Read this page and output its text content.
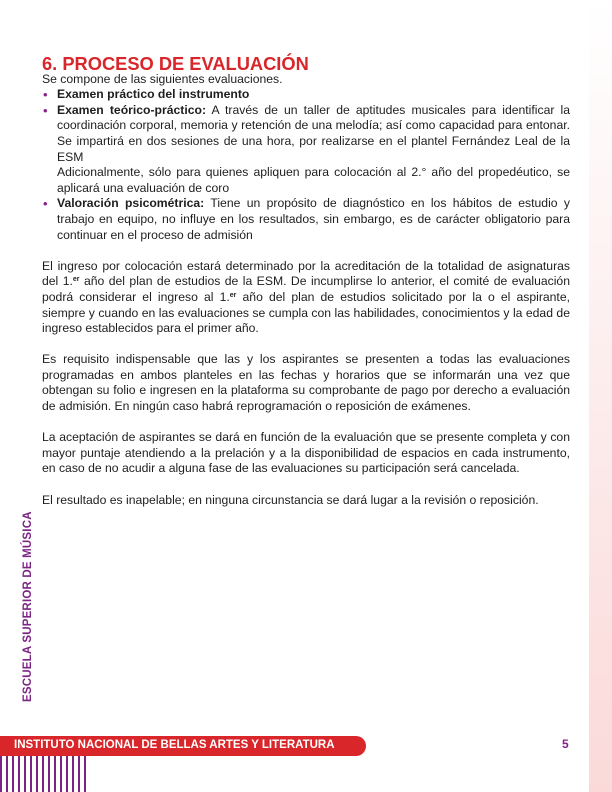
6. PROCESO DE EVALUACIÓN

Se compone de las siguientes evaluaciones.

• Examen práctico del instrumento
• Examen teórico-práctico: A través de un taller de aptitudes musicales para identificar la coordinación corporal, memoria y retención de una melodía; así como capacidad para entonar. Se impartirá en dos sesiones de una hora, por realizarse en el plantel Fernández Leal de la ESM
Adicionalmente, sólo para quienes apliquen para colocación al 2.° año del propedéutico, se aplicará una evaluación de coro
• Valoración psicométrica: Tiene un propósito de diagnóstico en los hábitos de estudio y trabajo en equipo, no influye en los resultados, sin embargo, es de carácter obligatorio para continuar en el proceso de admisión

El ingreso por colocación estará determinado por la acreditación de la totalidad de asignaturas del 1.$^{er}$ año del plan de estudios de la ESM. De incumplirse lo anterior, el comité de evaluación podrá considerar el ingreso al 1.$^{er}$ año del plan de estudios solicitado por la o el aspirante, siempre y cuando en las evaluaciones se cumpla con las habilidades, conocimientos y la edad de ingreso establecidos para el primer año.

Es requisito indispensable que las y los aspirantes se presenten a todas las evaluaciones programadas en ambos planteles en las fechas y horarios que se informarán una vez que obtengan su folio e ingresen en la plataforma su comprobante de pago por derecho a evaluación de admisión. En ningún caso habrá reprogramación o reposición de exámenes.

La aceptación de aspirantes se dará en función de la evaluación que se presente completa y con mayor puntaje atendiendo a la prelación y a la disponibilidad de espacios en cada instrumento, en caso de no acudir a alguna fase de las evaluaciones su participación será cancelada.

El resultado es inapelable; en ninguna circunstancia se dará lugar a la revisión o reposición.

ESCUELA SUPERIOR DE MÚSICA
INSTITUTO NACIONAL DE BELLAS ARTES Y LITERATURA	5
